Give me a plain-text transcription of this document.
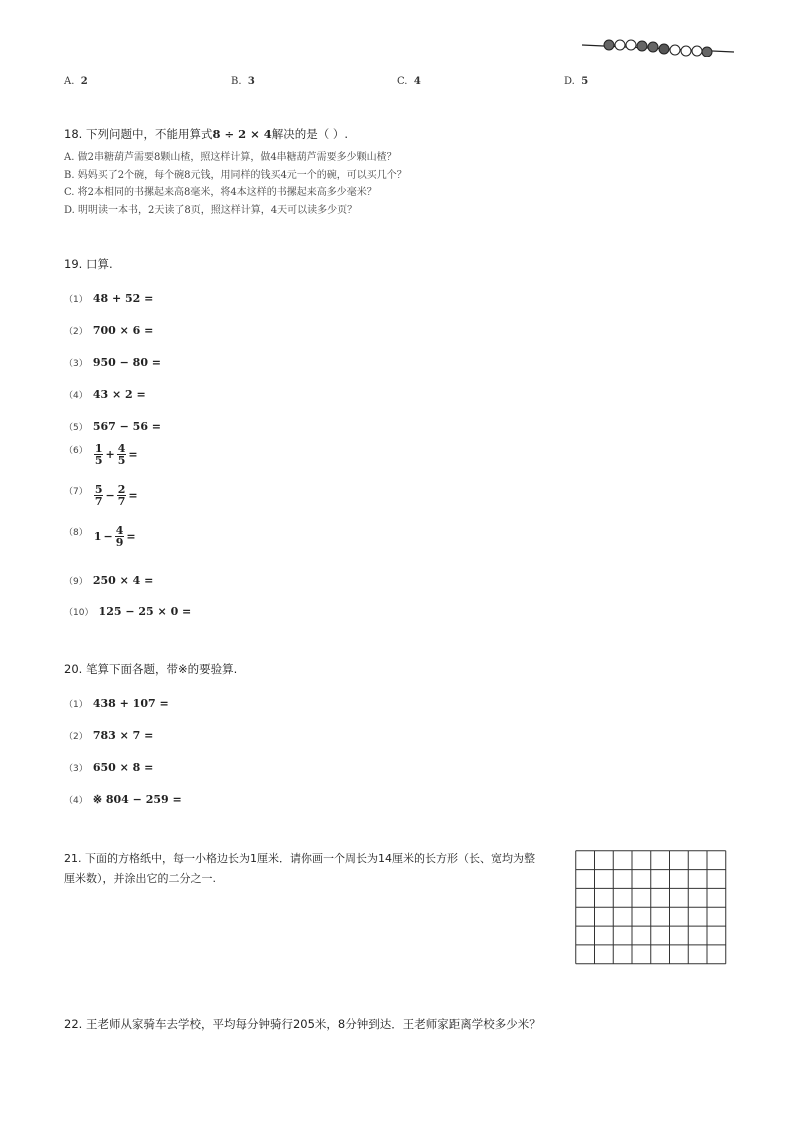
A. 2	B. 3	C. 4	D. 5
18. 下列问题中，不能用算式8 ÷ 2 × 4解决的是（ ）.
A. 做2串糖葫芦需要8颗山楂，照这样计算，做4串糖葫芦需要多少颗山楂？
B. 妈妈买了2个碗，每个碗8元钱，用同样的钱买4元一个的碗，可以买几个？
C. 将2本相同的书摞起来高8毫米，将4本这样的书摞起来高多少毫米？
D. 明明读一本书，2天读了8页，照这样计算，4天可以读多少页？
19. 口算.
（1） 48 + 52 =
（2） 700 × 6 =
（3） 950 − 80 =
（4） 43 × 2 =
（5） 567 − 56 =
$^{(6)} \frac{1}{5} + \frac{4}{5}$ =
$^{(7)} \frac{5}{7} - \frac{2}{7}$ =
$^{(8)}$ $1 - \frac{4}{9}$ =
（9） 250 × 4 =
（10） 125 − 25 × 0 =
20. 笔算下面各题，带※的要验算.
（1） 438 + 107 =
（2） 783 × 7 =
（3） 650 × 8 =
（4） ※ 804 − 259 =
21. 下面的方格纸中，每一小格边长为1厘米．请你画一个周长为14厘米的长方形（长、宽均为整
厘米数），并涂出它的二分之一.
22. 王老师从家骑车去学校，平均每分钟骑行205米，8分钟到达．王老师家距离学校多少米？
